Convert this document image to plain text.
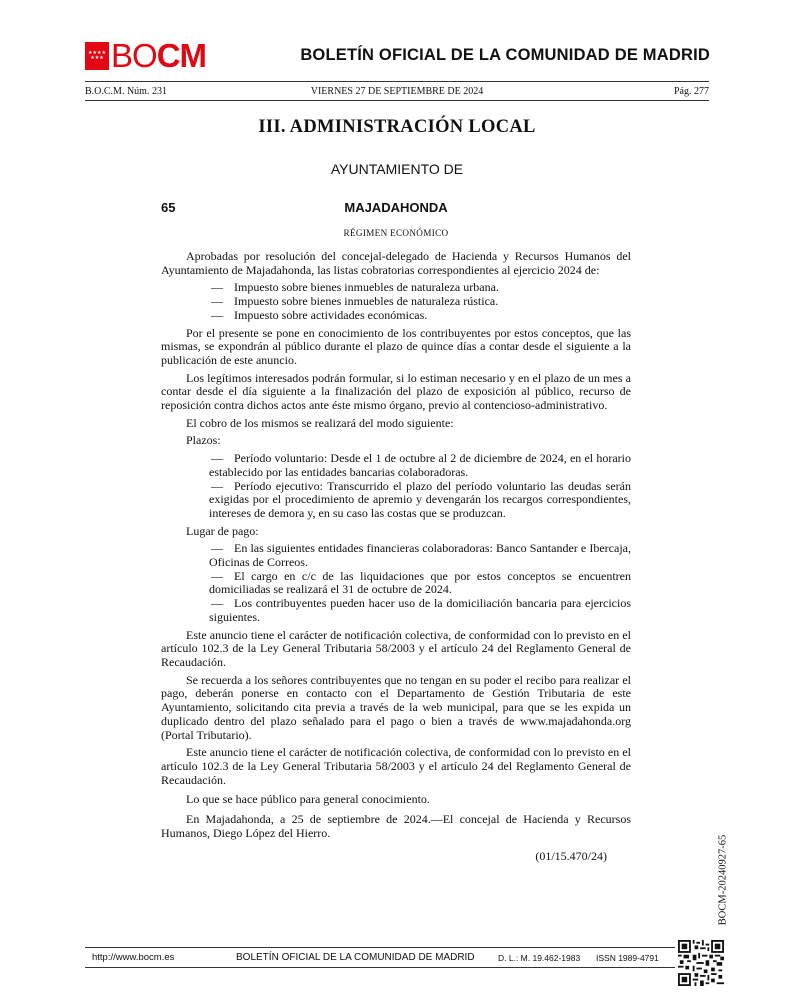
★★★★ ★★★ BOCM	BOLETÍN OFICIAL DE LA COMUNIDAD DE MADRID
B.O.C.M. Núm. 231	VIERNES 27 DE SEPTIEMBRE DE 2024	Pág. 277
III. ADMINISTRACIÓN LOCAL
AYUNTAMIENTO DE
65	MAJADAHONDA
RÉGIMEN ECONÓMICO

Aprobadas por resolución del concejal-delegado de Hacienda y Recursos Humanos del Ayuntamiento de Majadahonda, las listas cobratorias correspondientes al ejercicio 2024 de:

— Impuesto sobre bienes inmuebles de naturaleza urbana.

— Impuesto sobre bienes inmuebles de naturaleza rústica.

— Impuesto sobre actividades económicas.

Por el presente se pone en conocimiento de los contribuyentes por estos conceptos, que las mismas, se expondrán al público durante el plazo de quince días a contar desde el siguiente a la publicación de este anuncio.

Los legítimos interesados podrán formular, si lo estiman necesario y en el plazo de un mes a contar desde el día siguiente a la finalización del plazo de exposición al público, recurso de reposición contra dichos actos ante éste mismo órgano, previo al contencioso-administrativo.

El cobro de los mismos se realizará del modo siguiente:

Plazos:

— Período voluntario: Desde el 1 de octubre al 2 de diciembre de 2024, en el horario establecido por las entidades bancarias colaboradoras.

— Período ejecutivo: Transcurrido el plazo del período voluntario las deudas serán exigidas por el procedimiento de apremio y devengarán los recargos correspondientes, intereses de demora y, en su caso las costas que se produzcan.

Lugar de pago:

— En las siguientes entidades financieras colaboradoras: Banco Santander e Ibercaja, Oficinas de Correos.

— El cargo en c/c de las liquidaciones que por estos conceptos se encuentren domiciliadas se realizará el 31 de octubre de 2024.

— Los contribuyentes pueden hacer uso de la domiciliación bancaria para ejercicios siguientes.

Este anuncio tiene el carácter de notificación colectiva, de conformidad con lo previsto en el artículo 102.3 de la Ley General Tributaria 58/2003 y el artículo 24 del Reglamento General de Recaudación.

Se recuerda a los señores contribuyentes que no tengan en su poder el recibo para realizar el pago, deberán ponerse en contacto con el Departamento de Gestión Tributaria de este Ayuntamiento, solicitando cita previa a través de la web municipal, para que se les expida un duplicado dentro del plazo señalado para el pago o bien a través de www.majadahonda.org (Portal Tributario).

Este anuncio tiene el carácter de notificación colectiva, de conformidad con lo previsto en el artículo 102.3 de la Ley General Tributaria 58/2003 y el artículo 24 del Reglamento General de Recaudación.

Lo que se hace público para general conocimiento.

En Majadahonda, a 25 de septiembre de 2024.—El concejal de Hacienda y Recursos Humanos, Diego López del Hierro.

(01/15.470/24)	BOCM-20240927-65
http://www.bocm.es	BOLETÍN OFICIAL DE LA COMUNIDAD DE MADRID	D. L.: M. 19.462-1983 ISSN 1989-4791
